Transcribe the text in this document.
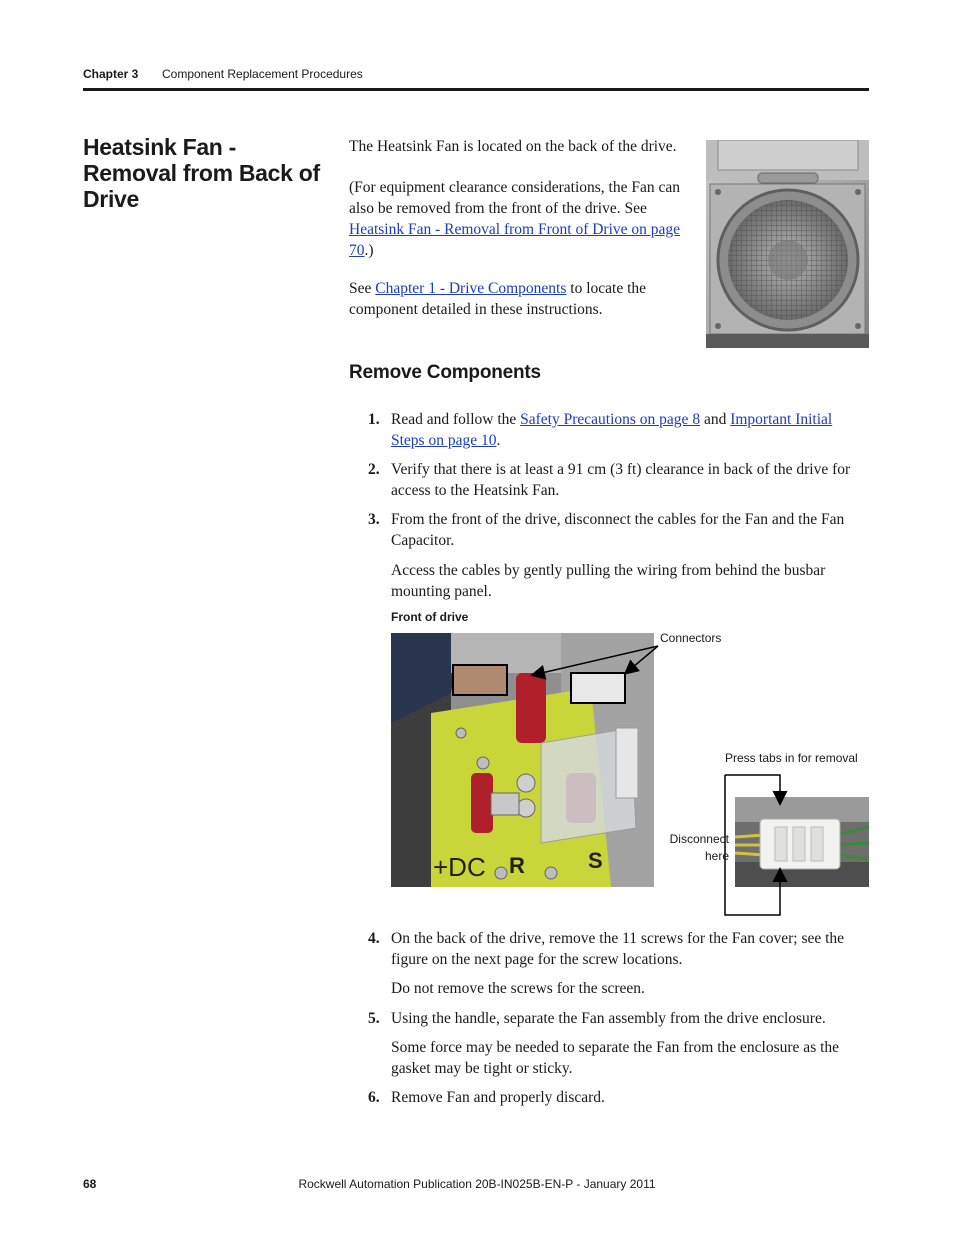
Chapter 3 Component Replacement Procedures
Heatsink Fan - Removal from Back of Drive
The Heatsink Fan is located on the back of the drive.
(For equipment clearance considerations, the Fan can also be removed from the front of the drive. See Heatsink Fan - Removal from Front of Drive on page 70.)
See Chapter 1 - Drive Components to locate the component detailed in these instructions.
Remove Components
1. Read and follow the Safety Precautions on page 8 and Important Initial Steps on page 10.
2. Verify that there is at least a 91 cm (3 ft) clearance in back of the drive for access to the Heatsink Fan.
3. From the front of the drive, disconnect the cables for the Fan and the Fan Capacitor.
Access the cables by gently pulling the wiring from behind the busbar mounting panel.
Front of drive
+DC R	S
Connectors
Press tabs in for removal
Disconnect
here
4. On the back of the drive, remove the 11 screws for the Fan cover; see the figure on the next page for the screw locations.
Do not remove the screws for the screen.
5. Using the handle, separate the Fan assembly from the drive enclosure.
Some force may be needed to separate the Fan from the enclosure as the gasket may be tight or sticky.
6. Remove Fan and properly discard.
Rockwell Automation Publication 20B-IN025B-EN-P - January 2011
68
